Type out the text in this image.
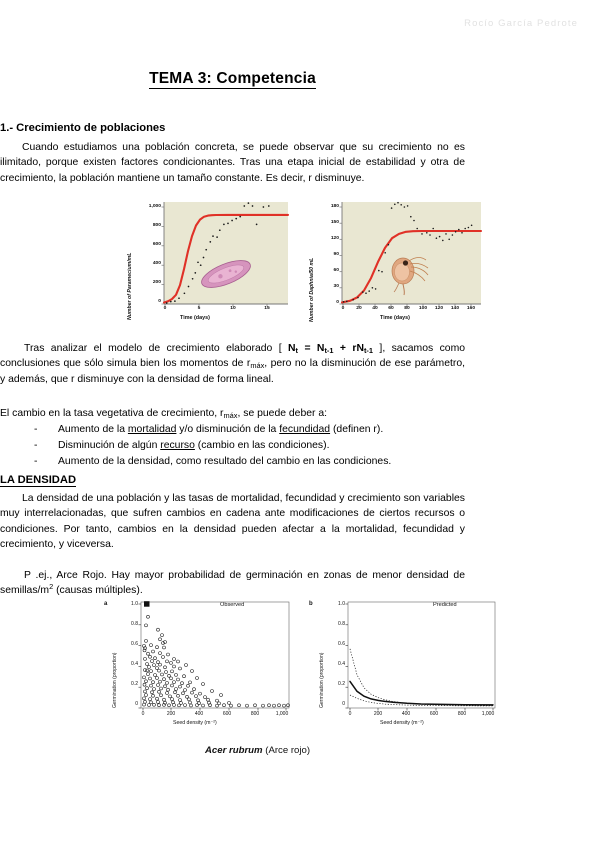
Rocío García Pedrote
TEMA 3: Competencia
1.- Crecimiento de poblaciones

Cuando estudiamos una población concreta, se puede observar que su crecimiento no es ilimitado, porque existen factores condicionantes. Tras una etapa inicial de estabilidad y otra de crecimiento, la población mantiene un tamaño constante. Es decir, r disminuye.

Number of Paramecium/mL
1,000
800
600
400
200
0
0	5	10	15
Time (days)	Number of Daphnia/50 mL
180
150
120
90
60
30
0
0	20	40	60	80	100	120	140	160
Time (days)

Tras analizar el modelo de crecimiento elaborado [ $N_t = N_{t-1} + rN_{t-1}$ ], sacamos como conclusiones que sólo simula bien los momentos de $r_{máx}$, pero no la disminución de ese parámetro, y además, que r disminuye con la densidad de forma lineal.

El cambio en la tasa vegetativa de crecimiento, $r_{máx}$, se puede deber a:

- Aumento de la mortalidad y/o disminución de la fecundidad (definen r).
- Disminución de algún recurso (cambio en las condiciones).
- Aumento de la densidad, como resultado del cambio en las condiciones.
LA DENSIDAD

La densidad de una población y las tasas de mortalidad, fecundidad y crecimiento son variables muy interrelacionadas, que sufren cambios en cadena ante modificaciones de ciertos recursos o condiciones. Por tanto, cambios en la densidad pueden afectar a la mortalidad, fecundidad y crecimiento, y viceversa.

P .ej., Arce Rojo. Hay mayor probabilidad de germinación en zonas de menor densidad de semillas/$m^2$ (causas múltiples).

a	Observed
Germination (proportion)
1.0
0.8
0.6
0.4
0.2
0
0	200	400	600	800	1,000
Seed density (m⁻²)
b	Predicted
Germination (proportion)
1.0
0.8
0.6
0.4
0.2
0
0	200	400	600	800	1,000
Seed density (m⁻²)
Acer rubrum (Arce rojo)
